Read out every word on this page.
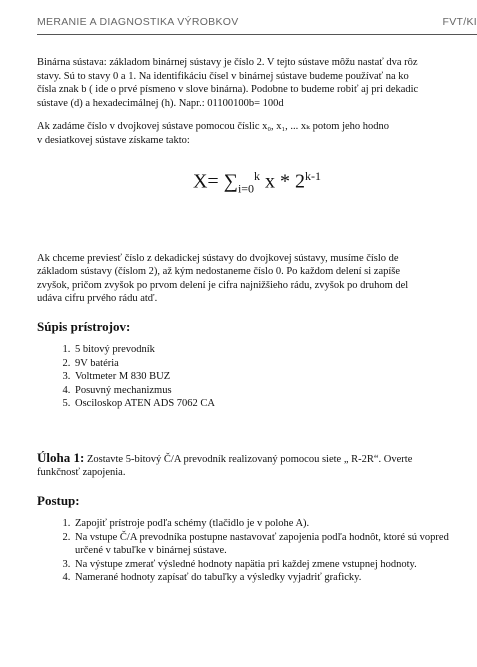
MERANIE A DIAGNOSTIKA VÝROBKOV	FVT/KI

Binárna sústava: základom binárnej sústavy je číslo 2. V tejto sústave môžu nastať dva rôz

stavy. Sú to stavy 0 a 1. Na identifikáciu čísel v binárnej sústave budeme používať na ko

čísla znak b ( ide o prvé písmeno v slove binárna). Podobne to budeme robiť aj pri dekadic

sústave (d) a hexadecimálnej (h). Napr.: 01100100b= 100d

Ak zadáme číslo v dvojkovej sústave pomocou číslic x₀, x₁, ... xₖ potom jeho hodno

v desiatkovej sústave získame takto:

$X= \sum_{i=0}^k$ x * 2$^{k-1}$

Ak chceme previesť číslo z dekadickej sústavy do dvojkovej sústavy, musíme číslo de

základom sústavy (číslom 2), až kým nedostaneme číslo 0. Po každom delení si zapíše

zvyšok, pričom zvyšok po prvom delení je cifra najnižšieho rádu, zvyšok po druhom del

udáva cifru prvého rádu atď.

Súpis prístrojov:
1. 5 bitový prevodník
2. 9V batéria
3. Voltmeter M 830 BUZ
4. Posuvný mechanizmus
5. Osciloskop ATEN ADS 7062 CA

Úloha 1: Zostavte 5-bitový Č/A prevodník realizovaný pomocou siete „ R-2R“. Overte

funkčnosť zapojenia.

Postup:
1. Zapojiť prístroje podľa schémy (tlačidlo je v polohe A).
2. Na vstupe Č/A prevodníka postupne nastavovať zapojenia podľa hodnôt, ktoré sú vopred určené v tabuľke v binárnej sústave.
3. Na výstupe zmerať výsledné hodnoty napätia pri každej zmene vstupnej hodnoty.
4. Namerané hodnoty zapísať do tabuľky a výsledky vyjadriť graficky.
